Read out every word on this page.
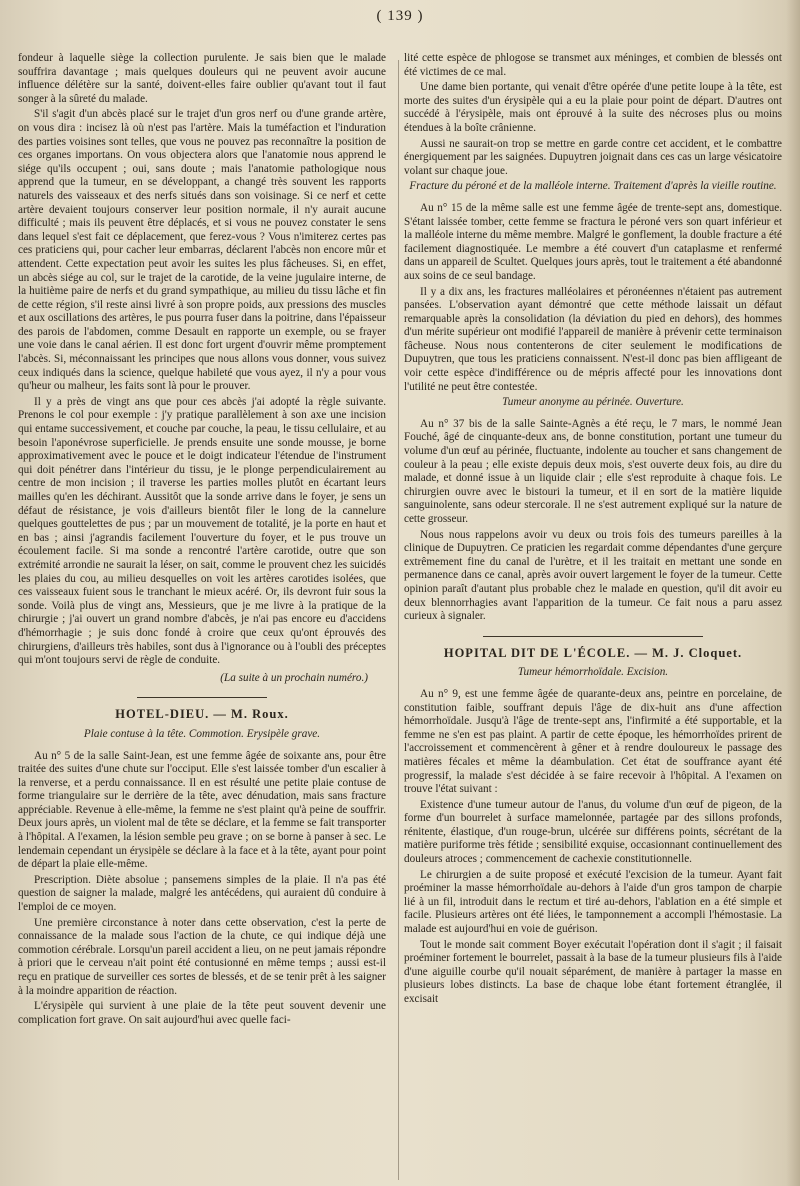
( 139 )

fondeur à laquelle siège la collection purulente. Je sais bien que le malade souffrira davantage ; mais quelques douleurs qui ne peuvent avoir aucune influence délétère sur la santé, doivent-elles faire oublier qu'avant tout il faut songer à la sûreté du malade.

S'il s'agit d'un abcès placé sur le trajet d'un gros nerf ou d'une grande artère, on vous dira : incisez là où n'est pas l'artère. Mais la tuméfaction et l'induration des parties voisines sont telles, que vous ne pouvez pas reconnaître la position de ces organes importans. On vous objectera alors que l'anatomie nous apprend le siége qu'ils occupent ; oui, sans doute ; mais l'anatomie pathologique nous apprend que la tumeur, en se développant, a changé très souvent les rapports naturels des vaisseaux et des nerfs situés dans son voisinage. Si ce nerf et cette artère devaient toujours conserver leur position normale, il n'y aurait aucune difficulté ; mais ils peuvent être déplacés, et si vous ne pouvez constater le sens dans lequel s'est fait ce déplacement, que ferez-vous ? Vous n'imiterez certes pas ces praticiens qui, pour cacher leur embarras, déclarent l'abcès non encore mûr et attendent. Cette expectation peut avoir les suites les plus fâcheuses. Si, en effet, un abcès siége au col, sur le trajet de la carotide, de la veine jugulaire interne, de la huitième paire de nerfs et du grand sympathique, au milieu du tissu lâche et fin de cette région, s'il reste ainsi livré à son propre poids, aux pressions des muscles et aux oscillations des artères, le pus pourra fuser dans la poitrine, dans l'épaisseur des parois de l'abdomen, comme Desault en rapporte un exemple, ou se frayer une voie dans le canal aérien. Il est donc fort urgent d'ouvrir même promptement l'abcès. Si, méconnaissant les principes que nous allons vous donner, vous suivez ceux indiqués dans la science, quelque habileté que vous ayez, il n'y a pour vous qu'heur ou malheur, les faits sont là pour le prouver.

Il y a près de vingt ans que pour ces abcès j'ai adopté la règle suivante. Prenons le col pour exemple : j'y pratique parallèlement à son axe une incision qui entame successivement, et couche par couche, la peau, le tissu cellulaire, et au besoin l'aponévrose superficielle. Je prends ensuite une sonde mousse, je borne approximativement avec le pouce et le doigt indicateur l'étendue de l'instrument qui doit pénétrer dans l'intérieur du tissu, je le plonge perpendiculairement au centre de mon incision ; il traverse les parties molles plutôt en écartant leurs mailles qu'en les déchirant. Aussitôt que la sonde arrive dans le foyer, je sens un défaut de résistance, je vois d'ailleurs bientôt filer le long de la cannelure quelques gouttelettes de pus ; par un mouvement de totalité, je la porte en haut et en bas ; ainsi j'agrandis facilement l'ouverture du foyer, et le pus trouve un écoulement facile. Si ma sonde a rencontré l'artère carotide, outre que son extrémité arrondie ne saurait la léser, on sait, comme le prouvent chez les suicidés les plaies du cou, au milieu desquelles on voit les artères carotides isolées, que ces vaisseaux fuient sous le tranchant le mieux acéré. Or, ils devront fuir sous la sonde. Voilà plus de vingt ans, Messieurs, que je me livre à la pratique de la chirurgie ; j'ai ouvert un grand nombre d'abcès, je n'ai pas encore eu d'accidens d'hémorrhagie ; je suis donc fondé à croire que ceux qu'ont éprouvés des chirurgiens, d'ailleurs très habiles, sont dus à l'ignorance ou à l'oubli des préceptes qui m'ont toujours servi de règle de conduite.

(La suite à un prochain numéro.)
HOTEL-DIEU. — M. Roux.
Plaie contuse à la tête. Commotion. Erysipèle grave.

Au n° 5 de la salle Saint-Jean, est une femme âgée de soixante ans, pour être traitée des suites d'une chute sur l'occiput. Elle s'est laissée tomber d'un escalier à la renverse, et a perdu connaissance. Il en est résulté une petite plaie contuse de forme triangulaire sur le derrière de la tête, avec dénudation, mais sans fracture appréciable. Revenue à elle-même, la femme ne s'est plaint qu'à peine de souffrir. Deux jours après, un violent mal de tête se déclare, et la femme se fait transporter à l'hôpital. A l'examen, la lésion semble peu grave ; on se borne à panser à sec. Le lendemain cependant un érysipèle se déclare à la face et à la tête, ayant pour point de départ la plaie elle-même.

Prescription. Diète absolue ; pansemens simples de la plaie. Il n'a pas été question de saigner la malade, malgré les antécédens, qui auraient dû conduire à l'emploi de ce moyen.

Une première circonstance à noter dans cette observation, c'est la perte de connaissance de la malade sous l'action de la chute, ce qui indique déjà une commotion cérébrale. Lorsqu'un pareil accident a lieu, on ne peut jamais répondre à priori que le cerveau n'ait point été contusionné en même temps ; aussi est-il reçu en pratique de surveiller ces sortes de blessés, et de se tenir prêt à les saigner à la moindre apparition de réaction.

L'érysipèle qui survient à une plaie de la tête peut souvent devenir une complication fort grave. On sait aujourd'hui avec quelle faci-

lité cette espèce de phlogose se transmet aux méninges, et combien de blessés ont été victimes de ce mal.

Une dame bien portante, qui venait d'être opérée d'une petite loupe à la tête, est morte des suites d'un érysipèle qui a eu la plaie pour point de départ. D'autres ont succédé à l'érysipèle, mais ont éprouvé à la suite des nécroses plus ou moins étendues à la boîte crânienne.

Aussi ne saurait-on trop se mettre en garde contre cet accident, et le combattre énergiquement par les saignées. Dupuytren joignait dans ces cas un large vésicatoire volant sur chaque joue.

Fracture du péroné et de la malléole interne. Traitement d'après la vieille routine.

Au n° 15 de la même salle est une femme âgée de trente-sept ans, domestique. S'étant laissée tomber, cette femme se fractura le péroné vers son quart inférieur et la malléole interne du même membre. Malgré le gonflement, la double fracture a été facilement diagnostiquée. Le membre a été couvert d'un cataplasme et renfermé dans un appareil de Scultet. Quelques jours après, tout le traitement a été abandonné aux soins de ce seul bandage.

Il y a dix ans, les fractures malléolaires et péronéennes n'étaient pas autrement pansées. L'observation ayant démontré que cette méthode laissait un défaut remarquable après la consolidation (la déviation du pied en dehors), des hommes d'un mérite supérieur ont modifié l'appareil de manière à prévenir cette terminaison fâcheuse. Nous nous contenterons de citer seulement le modifications de Dupuytren, que tous les praticiens connaissent. N'est-il donc pas bien affligeant de voir cette espèce d'indifférence ou de mépris affecté pour les innovations dont l'utilité ne peut être contestée.

Tumeur anonyme au périnée. Ouverture.

Au n° 37 bis de la salle Sainte-Agnès a été reçu, le 7 mars, le nommé Jean Fouché, âgé de cinquante-deux ans, de bonne constitution, portant une tumeur du volume d'un œuf au périnée, fluctuante, indolente au toucher et sans changement de couleur à la peau ; elle existe depuis deux mois, s'est ouverte deux fois, au dire du malade, et donné issue à un liquide clair ; elle s'est reproduite à chaque fois. Le chirurgien ouvre avec le bistouri la tumeur, et il en sort de la matière liquide sanguinolente, sans odeur stercorale. Il ne s'est autrement expliqué sur la nature de cette grosseur.

Nous nous rappelons avoir vu deux ou trois fois des tumeurs pareilles à la clinique de Dupuytren. Ce praticien les regardait comme dépendantes d'une gerçure extrêmement fine du canal de l'urètre, et il les traitait en mettant une sonde en permanence dans ce canal, après avoir ouvert largement le foyer de la tumeur. Cette opinion paraît d'autant plus probable chez le malade en question, qu'il dit avoir eu deux blennorrhagies avant l'apparition de la tumeur. Ce fait nous a paru assez curieux à signaler.

HOPITAL DIT DE L'ÉCOLE. — M. J. Cloquet.
Tumeur hémorrhoïdale. Excision.

Au n° 9, est une femme âgée de quarante-deux ans, peintre en porcelaine, de constitution faible, souffrant depuis l'âge de dix-huit ans d'une affection hémorrhoïdale. Jusqu'à l'âge de trente-sept ans, l'infirmité a été supportable, et la femme ne s'en est pas plaint. A partir de cette époque, les hémorrhoïdes prirent de l'accroissement et commencèrent à gêner et à rendre douloureux le passage des matières fécales et même la déambulation. Cet état de souffrance ayant été progressif, la malade s'est décidée à se faire recevoir à l'hôpital. A l'examen on trouve l'état suivant :

Existence d'une tumeur autour de l'anus, du volume d'un œuf de pigeon, de la forme d'un bourrelet à surface mamelonnée, partagée par des sillons profonds, rénitente, élastique, d'un rouge-brun, ulcérée sur différens points, sécrétant de la matière puriforme très fétide ; sensibilité exquise, occasionnant continuellement des douleurs atroces ; commencement de cachexie constitutionnelle.

Le chirurgien a de suite proposé et exécuté l'excision de la tumeur. Ayant fait proéminer la masse hémorrhoïdale au-dehors à l'aide d'un gros tampon de charpie lié à un fil, introduit dans le rectum et tiré au-dehors, l'ablation en a été simple et facile. Plusieurs artères ont été liées, le tamponnement a accompli l'hémostasie. La malade est aujourd'hui en voie de guérison.

Tout le monde sait comment Boyer exécutait l'opération dont il s'agit ; il faisait proéminer fortement le bourrelet, passait à la base de la tumeur plusieurs fils à l'aide d'une aiguille courbe qu'il nouait séparément, de manière à partager la masse en plusieurs lobes distincts. La base de chaque lobe étant fortement étranglée, il excisait
